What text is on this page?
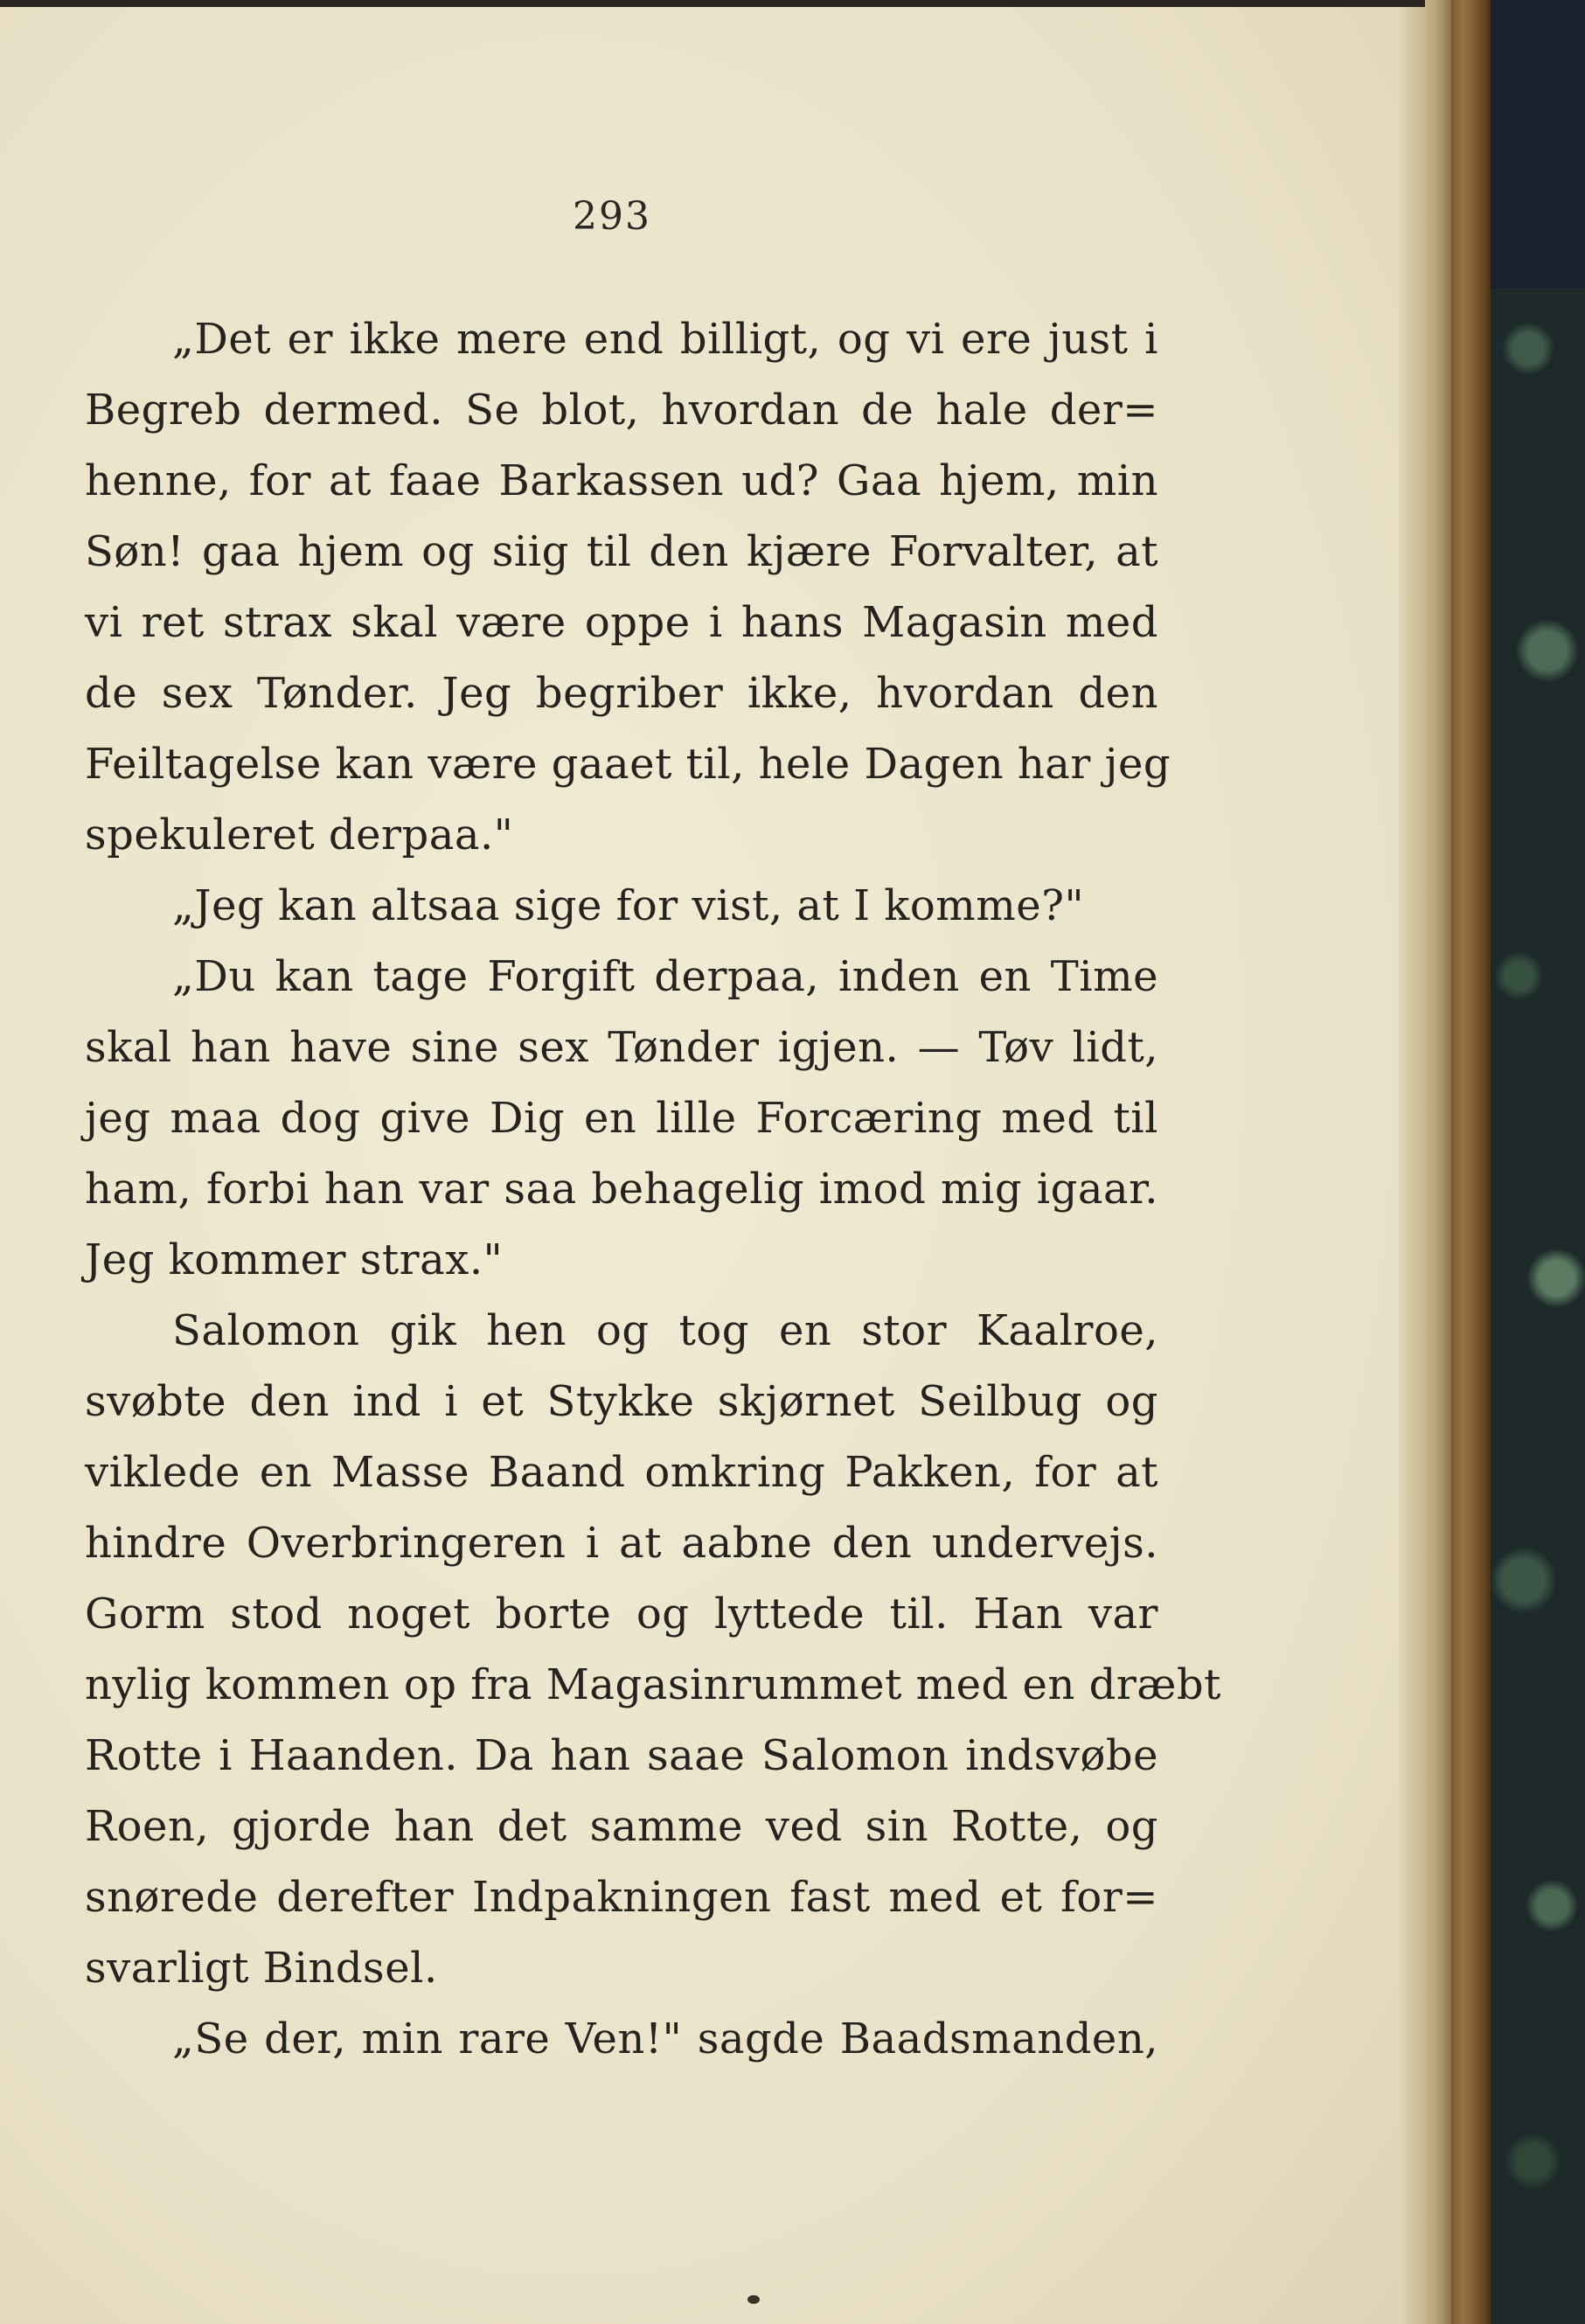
293
„Det er ikke mere end billigt, og vi ere just i
Begreb dermed. Se blot, hvordan de hale der=
henne, for at faae Barkassen ud? Gaa hjem, min
Søn! gaa hjem og siig til den kjære Forvalter, at
vi ret strax skal være oppe i hans Magasin med
de sex Tønder. Jeg begriber ikke, hvordan den
Feiltagelse kan være gaaet til, hele Dagen har jeg
spekuleret derpaa."
„Jeg kan altsaa sige for vist, at I komme?"
„Du kan tage Forgift derpaa, inden en Time
skal han have sine sex Tønder igjen. — Tøv lidt,
jeg maa dog give Dig en lille Forcæring med til
ham, forbi han var saa behagelig imod mig igaar.
Jeg kommer strax."
Salomon gik hen og tog en stor Kaalroe,
svøbte den ind i et Stykke skjørnet Seilbug og
viklede en Masse Baand omkring Pakken, for at
hindre Overbringeren i at aabne den undervejs.
Gorm stod noget borte og lyttede til. Han var
nylig kommen op fra Magasinrummet med en dræbt
Rotte i Haanden. Da han saae Salomon indsvøbe
Roen, gjorde han det samme ved sin Rotte, og
snørede derefter Indpakningen fast med et for=
svarligt Bindsel.
„Se der, min rare Ven!" sagde Baadsmanden,
